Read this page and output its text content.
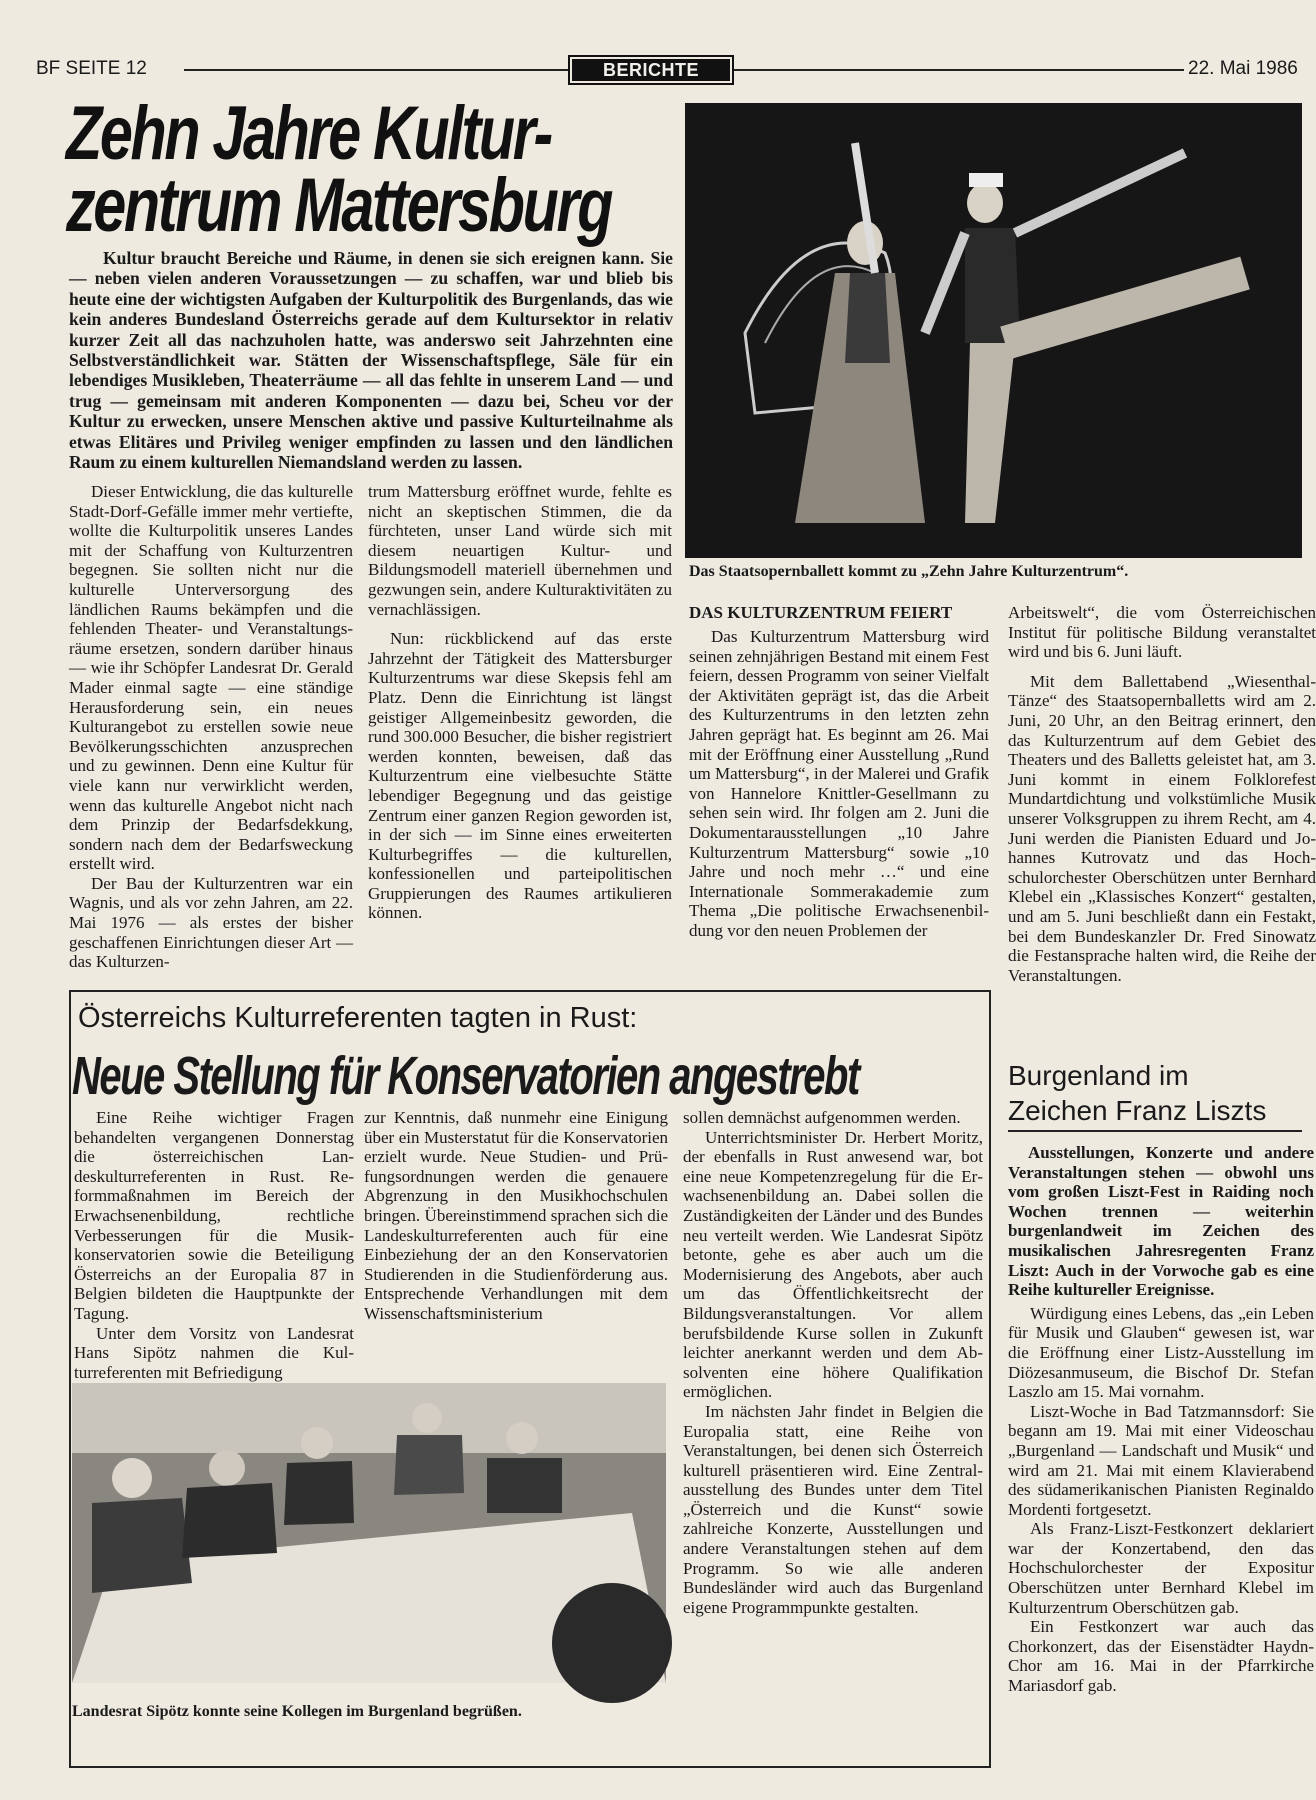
BF SEITE 12	BERICHTE	22. Mai 1986
Zehn Jahre Kultur-
zentrum Mattersburg
Das Staatsopernballett kommt zu „Zehn Jahre Kulturzentrum“.

Kultur braucht Bereiche und Räume, in denen sie sich ereignen kann. Sie — neben vielen anderen Voraussetzungen — zu schaffen, war und blieb bis heute eine der wichtigsten Aufgaben der Kulturpolitik des Burgenlands, das wie kein anderes Bundesland Österreichs gerade auf dem Kultursektor in relativ kurzer Zeit all das nachzuholen hatte, was anderswo seit Jahrzehnten eine Selbstverständlichkeit war. Stätten der Wissenschaftspflege, Säle für ein lebendiges Musikleben, Theaterräume — all das fehlte in unserem Land — und trug — gemeinsam mit anderen Komponenten — dazu bei, Scheu vor der Kultur zu erwecken, unsere Menschen aktive und passive Kulturteilnahme als etwas Elitäres und Privileg weniger empfinden zu lassen und den ländlichen Raum zu einem kulturellen Niemandsland werden zu lassen.

Dieser Entwicklung, die das kulturelle Stadt-Dorf-Gefälle immer mehr vertiefte, wollte die Kulturpolitik unseres Landes mit der Schaffung von Kulturzentren begegnen. Sie sollten nicht nur die kulturelle Unterversorgung des ländlichen Raums bekämpfen und die fehlenden Theater- und Veranstaltungsräume ersetzen, sondern darüber hinaus — wie ihr Schöpfer Landesrat Dr. Gerald Mader einmal sagte — eine ständige Herausforderung sein, ein neues Kulturangebot zu erstellen sowie neue Bevölkerungsschichten anzusprechen und zu gewinnen. Denn eine Kultur für viele kann nur verwirklicht werden, wenn das kulturelle Angebot nicht nach dem Prinzip der Bedarfsdekkung, sondern nach dem der Bedarfsweckung erstellt wird.

Der Bau der Kulturzentren war ein Wagnis, und als vor zehn Jahren, am 22. Mai 1976 — als erstes der bisher geschaffenen Einrichtungen dieser Art — das Kulturzen-

trum Mattersburg eröffnet wurde, fehlte es nicht an skeptischen Stimmen, die da fürchteten, unser Land würde sich mit diesem neuartigen Kultur- und Bildungsmodell materiell übernehmen und gezwungen sein, andere Kulturaktivitäten zu vernachlässigen.

Nun: rückblickend auf das erste Jahrzehnt der Tätigkeit des Mattersburger Kulturzentrums war diese Skepsis fehl am Platz. Denn die Einrichtung ist längst geistiger Allgemeinbesitz geworden, die rund 300.000 Besucher, die bisher registriert werden konnten, beweisen, daß das Kulturzentrum eine vielbesuchte Stätte lebendiger Begegnung und das geistige Zentrum einer ganzen Region geworden ist, in der sich — im Sinne eines erweiterten Kulturbegriffes — die kulturellen, konfessionellen und parteipolitischen Gruppierungen des Raumes artikulieren können.

DAS KULTURZENTRUM FEIERT

Das Kulturzentrum Mattersburg wird seinen zehnjährigen Bestand mit einem Fest feiern, dessen Programm von seiner Vielfalt der Aktivitäten geprägt ist, das die Arbeit des Kulturzentrums in den letzten zehn Jahren geprägt hat. Es beginnt am 26. Mai mit der Eröffnung einer Ausstellung „Rund um Mattersburg“, in der Malerei und Grafik von Hannelore Knittler-Gesellmann zu sehen sein wird. Ihr folgen am 2. Juni die Dokumentarausstellungen „10 Jahre Kulturzentrum Mattersburg“ sowie „10 Jahre und noch mehr …“ und eine Internationale Sommerakademie zum Thema „Die politische Erwachsenenbildung vor den neuen Problemen der

Arbeitswelt“, die vom Österreichischen Institut für politische Bildung veranstaltet wird und bis 6. Juni läuft.

Mit dem Ballettabend „Wiesenthal-Tänze“ des Staatsopernballetts wird am 2. Juni, 20 Uhr, an den Beitrag erinnert, den das Kulturzentrum auf dem Gebiet des Theaters und des Balletts geleistet hat, am 3. Juni kommt in einem Folklorefest Mundartdichtung und volkstümliche Musik unserer Volksgruppen zu ihrem Recht, am 4. Juni werden die Pianisten Eduard und Johannes Kutrovatz und das Hochschulorchester Oberschützen unter Bernhard Klebel ein „Klassisches Konzert“ gestalten, und am 5. Juni beschließt dann ein Festakt, bei dem Bundeskanzler Dr. Fred Sinowatz die Festansprache halten wird, die Reihe der Veranstaltungen.

Österreichs Kulturreferenten tagten in Rust:
Neue Stellung für Konservatorien angestrebt

Eine Reihe wichtiger Fragen behandelten vergangenen Donnerstag die österreichischen Landeskulturreferenten in Rust. Reformmaßnahmen im Bereich der Erwachsenenbildung, rechtliche Verbesserungen für die Musikkonservatorien sowie die Beteiligung Österreichs an der Europalia 87 in Belgien bildeten die Hauptpunkte der Tagung.

Unter dem Vorsitz von Landesrat Hans Sipötz nahmen die Kulturreferenten mit Befriedigung

zur Kenntnis, daß nunmehr eine Einigung über ein Musterstatut für die Konservatorien erzielt wurde. Neue Studien- und Prüfungsordnungen werden die genauere Abgrenzung in den Musikhochschulen bringen. Übereinstimmend sprachen sich die Landeskulturreferenten auch für eine Einbeziehung der an den Konservatorien Studierenden in die Studienförderung aus. Entsprechende Verhandlungen mit dem Wissenschaftsministerium

sollen demnächst aufgenommen werden.

Unterrichtsminister Dr. Herbert Moritz, der ebenfalls in Rust anwesend war, bot eine neue Kompetenzregelung für die Erwachsenenbildung an. Dabei sollen die Zuständigkeiten der Länder und des Bundes neu verteilt werden. Wie Landesrat Sipötz betonte, gehe es aber auch um die Modernisierung des Angebots, aber auch um das Öffentlichkeitsrecht der Bildungsveranstaltungen. Vor allem berufsbildende Kurse sollen in Zukunft leichter anerkannt werden und dem Absolventen eine höhere Qualifikation ermöglichen.

Im nächsten Jahr findet in Belgien die Europalia statt, eine Reihe von Veranstaltungen, bei denen sich Österreich kulturell präsentieren wird. Eine Zentralausstellung des Bundes unter dem Titel „Österreich und die Kunst“ sowie zahlreiche Konzerte, Ausstellungen und andere Veranstaltungen stehen auf dem Programm. So wie alle anderen Bundesländer wird auch das Burgenland eigene Programmpunkte gestalten.

Landesrat Sipötz konnte seine Kollegen im Burgenland begrüßen.
Burgenland im
Zeichen Franz Liszts

Ausstellungen, Konzerte und andere Veranstaltungen stehen — obwohl uns vom großen Liszt-Fest in Raiding noch Wochen trennen — weiterhin burgenlandweit im Zeichen des musikalischen Jahresregenten Franz Liszt: Auch in der Vorwoche gab es eine Reihe kultureller Ereignisse.

Würdigung eines Lebens, das „ein Leben für Musik und Glauben“ gewesen ist, war die Eröffnung einer Listz-Ausstellung im Diözesanmuseum, die Bischof Dr. Stefan Laszlo am 15. Mai vornahm.

Liszt-Woche in Bad Tatzmannsdorf: Sie begann am 19. Mai mit einer Videoschau „Burgenland — Landschaft und Musik“ und wird am 21. Mai mit einem Klavierabend des südamerikanischen Pianisten Reginaldo Mordenti fortgesetzt.

Als Franz-Liszt-Festkonzert deklariert war der Konzertabend, den das Hochschulorchester der Expositur Oberschützen unter Bernhard Klebel im Kulturzentrum Oberschützen gab.

Ein Festkonzert war auch das Chorkonzert, das der Eisenstädter Haydn-Chor am 16. Mai in der Pfarrkirche Mariasdorf gab.
